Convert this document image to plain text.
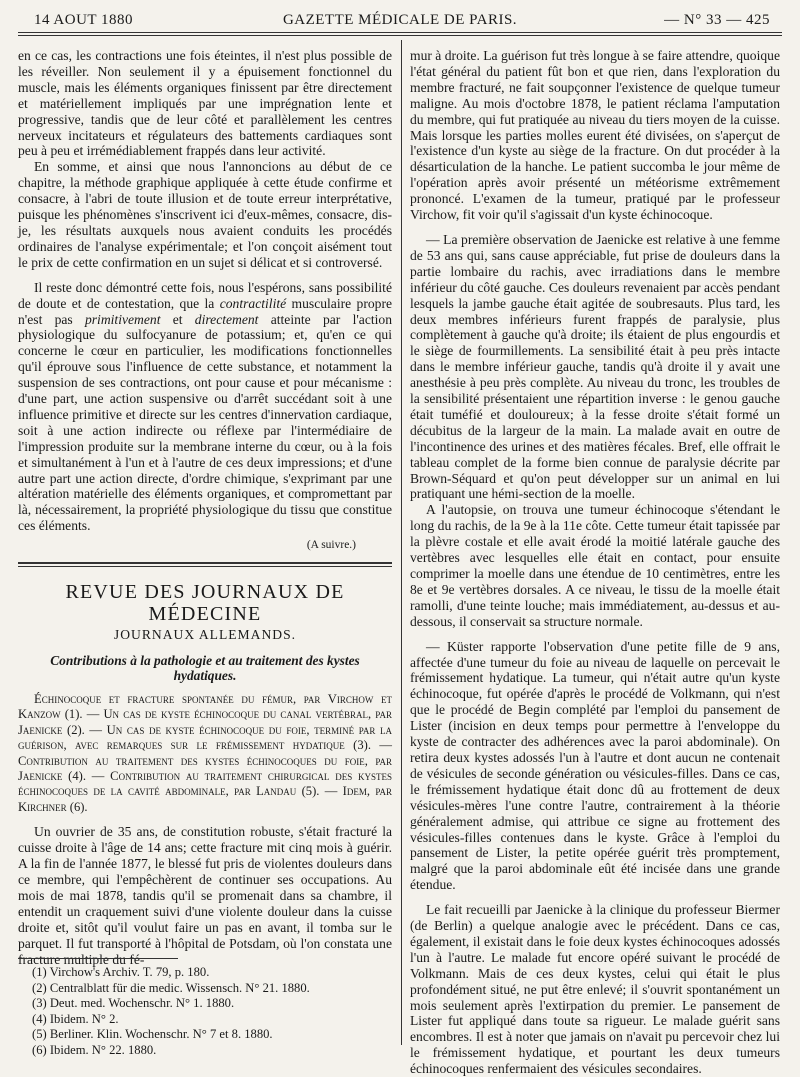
14 AOUT 1880	GAZETTE MÉDICALE DE PARIS.	— N° 33 — 425

en ce cas, les contractions une fois éteintes, il n'est plus possible de les réveiller. Non seulement il y a épuisement fonctionnel du muscle, mais les éléments organiques finissent par être directement et matériellement impliqués par une imprégnation lente et progressive, tandis que de leur côté et parallèlement les centres nerveux incitateurs et régulateurs des battements cardiaques sont peu à peu et irrémédiablement frappés dans leur activité.

En somme, et ainsi que nous l'annoncions au début de ce chapitre, la méthode graphique appliquée à cette étude confirme et consacre, à l'abri de toute illusion et de toute erreur interprétative, puisque les phénomènes s'inscrivent ici d'eux-mêmes, consacre, dis-je, les résultats auxquels nous avaient conduits les procédés ordinaires de l'analyse expérimentale; et l'on conçoit aisément tout le prix de cette confirmation en un sujet si délicat et si controversé.

Il reste donc démontré cette fois, nous l'espérons, sans possibilité de doute et de contestation, que la contractilité musculaire propre n'est pas primitivement et directement atteinte par l'action physiologique du sulfocyanure de potassium; et, qu'en ce qui concerne le cœur en particulier, les modifications fonctionnelles qu'il éprouve sous l'influence de cette substance, et notamment la suspension de ses contractions, ont pour cause et pour mécanisme : d'une part, une action suspensive ou d'arrêt succédant soit à une influence primitive et directe sur les centres d'innervation cardiaque, soit à une action indirecte ou réflexe par l'intermédiaire de l'impression produite sur la membrane interne du cœur, ou à la fois et simultanément à l'un et à l'autre de ces deux impressions; et d'une autre part une action directe, d'ordre chimique, s'exprimant par une altération matérielle des éléments organiques, et compromettant par là, nécessairement, la propriété physiologique du tissu que constitue ces éléments.

(A suivre.)
REVUE DES JOURNAUX DE MÉDECINE
JOURNAUX ALLEMANDS.
Contributions à la pathologie et au traitement des kystes hydatiques.

Échinocoque et fracture spontanée du fémur, par Virchow et Kanzow (1). — Un cas de kyste échinocoque du canal vertébral, par Jaenicke (2). — Un cas de kyste échinocoque du foie, terminé par la guérison, avec remarques sur le frémissement hydatique (3). — Contribution au traitement des kystes échinocoques du foie, par Jaenicke (4). — Contribution au traitement chirurgical des kystes échinocoques de la cavité abdominale, par Landau (5). — Idem, par Kirchner (6).

Un ouvrier de 35 ans, de constitution robuste, s'était fracturé la cuisse droite à l'âge de 14 ans; cette fracture mit cinq mois à guérir. A la fin de l'année 1877, le blessé fut pris de violentes douleurs dans ce membre, qui l'empêchèrent de continuer ses occupations. Au mois de mai 1878, tandis qu'il se promenait dans sa chambre, il entendit un craquement suivi d'une violente douleur dans la cuisse droite et, sitôt qu'il voulut faire un pas en avant, il tomba sur le parquet. Il fut transporté à l'hôpital de Potsdam, où l'on constata une fracture multiple du fé-

(1) Virchow's Archiv. T. 79, p. 180.
(2) Centralblatt für die medic. Wissensch. N° 21. 1880.
(3) Deut. med. Wochenschr. N° 1. 1880.
(4) Ibidem. N° 2.
(5) Berliner. Klin. Wochenschr. N° 7 et 8. 1880.
(6) Ibidem. N° 22. 1880.

mur à droite. La guérison fut très longue à se faire attendre, quoique l'état général du patient fût bon et que rien, dans l'exploration du membre fracturé, ne fait soupçonner l'existence de quelque tumeur maligne. Au mois d'octobre 1878, le patient réclama l'amputation du membre, qui fut pratiquée au niveau du tiers moyen de la cuisse. Mais lorsque les parties molles eurent été divisées, on s'aperçut de l'existence d'un kyste au siège de la fracture. On dut procéder à la désarticulation de la hanche. Le patient succomba le jour même de l'opération après avoir présenté un météorisme extrêmement prononcé. L'examen de la tumeur, pratiqué par le professeur Virchow, fit voir qu'il s'agissait d'un kyste échinocoque.

— La première observation de Jaenicke est relative à une femme de 53 ans qui, sans cause appréciable, fut prise de douleurs dans la partie lombaire du rachis, avec irradiations dans le membre inférieur du côté gauche. Ces douleurs revenaient par accès pendant lesquels la jambe gauche était agitée de soubresauts. Plus tard, les deux membres inférieurs furent frappés de paralysie, plus complètement à gauche qu'à droite; ils étaient de plus engourdis et le siège de fourmillements. La sensibilité était à peu près intacte dans le membre inférieur gauche, tandis qu'à droite il y avait une anesthésie à peu près complète. Au niveau du tronc, les troubles de la sensibilité présentaient une répartition inverse : le genou gauche était tuméfié et douloureux; à la fesse droite s'était formé un décubitus de la largeur de la main. La malade avait en outre de l'incontinence des urines et des matières fécales. Bref, elle offrait le tableau complet de la forme bien connue de paralysie décrite par Brown-Séquard et qu'on peut développer sur un animal en lui pratiquant une hémi-section de la moelle.

A l'autopsie, on trouva une tumeur échinocoque s'étendant le long du rachis, de la 9e à la 11e côte. Cette tumeur était tapissée par la plèvre costale et elle avait érodé la moitié latérale gauche des vertèbres avec lesquelles elle était en contact, pour ensuite comprimer la moelle dans une étendue de 10 centimètres, entre les 8e et 9e vertèbres dorsales. A ce niveau, le tissu de la moelle était ramolli, d'une teinte louche; mais immédiatement, au-dessus et au-dessous, il conservait sa structure normale.

— Küster rapporte l'observation d'une petite fille de 9 ans, affectée d'une tumeur du foie au niveau de laquelle on percevait le frémissement hydatique. La tumeur, qui n'était autre qu'un kyste échinocoque, fut opérée d'après le procédé de Volkmann, qui n'est que le procédé de Begin complété par l'emploi du pansement de Lister (incision en deux temps pour permettre à l'enveloppe du kyste de contracter des adhérences avec la paroi abdominale). On retira deux kystes adossés l'un à l'autre et dont aucun ne contenait de vésicules de seconde génération ou vésicules-filles. Dans ce cas, le frémissement hydatique était donc dû au frottement de deux vésicules-mères l'une contre l'autre, contrairement à la théorie généralement admise, qui attribue ce signe au frottement des vésicules-filles contenues dans le kyste. Grâce à l'emploi du pansement de Lister, la petite opérée guérit très promptement, malgré que la paroi abdominale eût été incisée dans une grande étendue.

Le fait recueilli par Jaenicke à la clinique du professeur Biermer (de Berlin) a quelque analogie avec le précédent. Dans ce cas, également, il existait dans le foie deux kystes échinocoques adossés l'un à l'autre. Le malade fut encore opéré suivant le procédé de Volkmann. Mais de ces deux kystes, celui qui était le plus profondément situé, ne put être enlevé; il s'ouvrit spontanément un mois seulement après l'extirpation du premier. Le pansement de Lister fut appliqué dans toute sa rigueur. Le malade guérit sans encombres. Il est à noter que jamais on n'avait pu percevoir chez lui le frémissement hydatique, et pourtant les deux tumeurs échinocoques renfermaient des vésicules secondaires.
